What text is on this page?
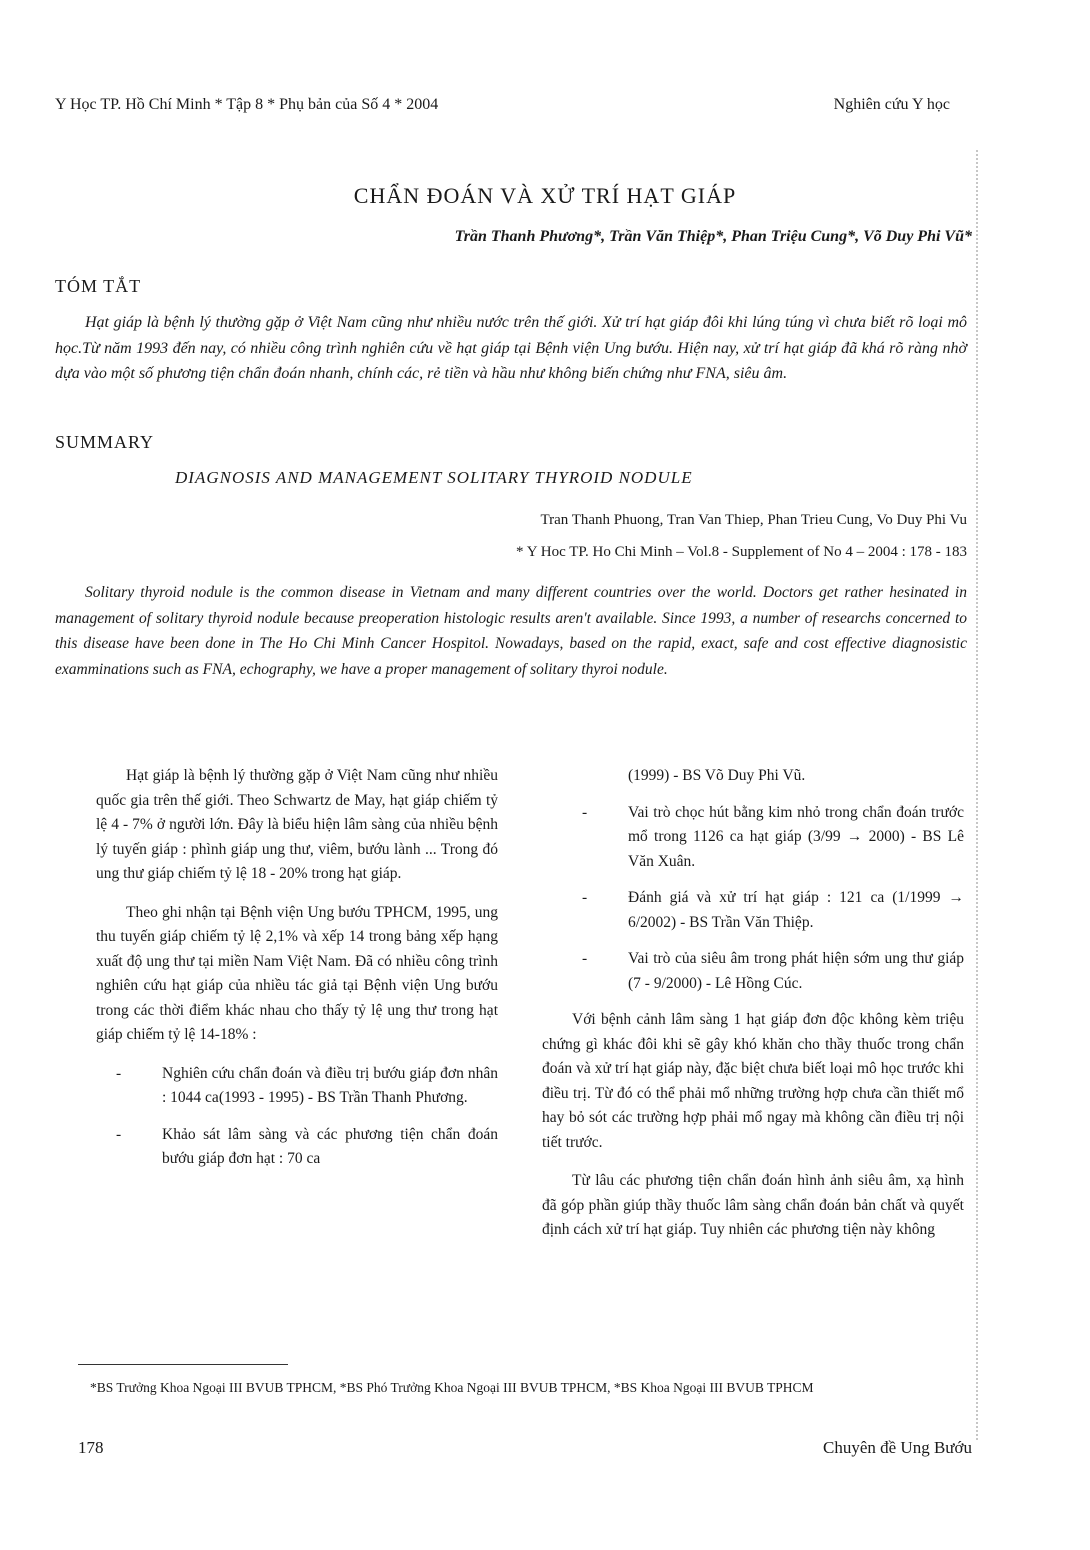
Y Học TP. Hồ Chí Minh * Tập 8 * Phụ bản của Số 4 * 2004	Nghiên cứu Y học
CHẨN ĐOÁN VÀ XỬ TRÍ HẠT GIÁP
Trần Thanh Phương*, Trần Văn Thiệp*, Phan Triệu Cung*, Võ Duy Phi Vũ*
TÓM TẮT
Hạt giáp là bệnh lý thường gặp ở Việt Nam cũng như nhiều nước trên thế giới. Xử trí hạt giáp đôi khi lúng túng vì chưa biết rõ loại mô học.Từ năm 1993 đến nay, có nhiều công trình nghiên cứu về hạt giáp tại Bệnh viện Ung bướu. Hiện nay, xử trí hạt giáp đã khá rõ ràng nhờ dựa vào một số phương tiện chẩn đoán nhanh, chính các, rẻ tiền và hầu như không biến chứng như FNA, siêu âm.
SUMMARY
DIAGNOSIS AND MANAGEMENT SOLITARY THYROID NODULE
Tran Thanh Phuong, Tran Van Thiep, Phan Trieu Cung, Vo Duy Phi Vu
* Y Hoc TP. Ho Chi Minh – Vol.8 - Supplement of No 4 – 2004 : 178 - 183
Solitary thyroid nodule is the common disease in Vietnam and many different countries over the world. Doctors get rather hesinated in management of solitary thyroid nodule because preoperation histologic results aren't available. Since 1993, a number of researchs concerned to this disease have been done in The Ho Chi Minh Cancer Hospitol. Nowadays, based on the rapid, exact, safe and cost effective diagnosistic examminations such as FNA, echography, we have a proper management of solitary thyroi nodule.

Hạt giáp là bệnh lý thường gặp ở Việt Nam cũng như nhiều quốc gia trên thế giới. Theo Schwartz de May, hạt giáp chiếm tỷ lệ 4 - 7% ở người lớn. Đây là biểu hiện lâm sàng của nhiều bệnh lý tuyến giáp : phình giáp ung thư, viêm, bướu lành ... Trong đó ung thư giáp chiếm tỷ lệ 18 - 20% trong hạt giáp.

Theo ghi nhận tại Bệnh viện Ung bướu TPHCM, 1995, ung thu tuyến giáp chiếm tỷ lệ 2,1% và xếp 14 trong bảng xếp hạng xuất độ ung thư tại miền Nam Việt Nam. Đã có nhiều công trình nghiên cứu hạt giáp của nhiều tác giả tại Bệnh viện Ung bướu trong các thời điểm khác nhau cho thấy tỷ lệ ung thư trong hạt giáp chiếm tỷ lệ 14-18% :

-	Nghiên cứu chẩn đoán và điều trị bướu giáp đơn nhân : 1044 ca(1993 - 1995) - BS Trần Thanh Phương.
-	Khảo sát lâm sàng và các phương tiện chẩn đoán bướu giáp đơn hạt : 70 ca
(1999) - BS Võ Duy Phi Vũ.
-	Vai trò chọc hút bằng kim nhỏ trong chẩn đoán trước mổ trong 1126 ca hạt giáp (3/99 → 2000) - BS Lê Văn Xuân.
-	Đánh giá và xử trí hạt giáp : 121 ca (1/1999 → 6/2002) - BS Trần Văn Thiệp.
-	Vai trò của siêu âm trong phát hiện sớm ung thư giáp (7 - 9/2000) - Lê Hồng Cúc.

Với bệnh cảnh lâm sàng 1 hạt giáp đơn độc không kèm triệu chứng gì khác đôi khi sẽ gây khó khăn cho thầy thuốc trong chẩn đoán và xử trí hạt giáp này, đặc biệt chưa biết loại mô học trước khi điều trị. Từ đó có thể phải mổ những trường hợp chưa cần thiết mổ hay bỏ sót các trường hợp phải mổ ngay mà không cần điều trị nội tiết trước.

Từ lâu các phương tiện chẩn đoán hình ảnh siêu âm, xạ hình đã góp phần giúp thầy thuốc lâm sàng chẩn đoán bản chất và quyết định cách xử trí hạt giáp. Tuy nhiên các phương tiện này không

*BS Trưởng Khoa Ngoại III BVUB TPHCM, *BS Phó Trưởng Khoa Ngoại III BVUB TPHCM, *BS Khoa Ngoại III BVUB TPHCM
178	Chuyên đề Ung Bướu
